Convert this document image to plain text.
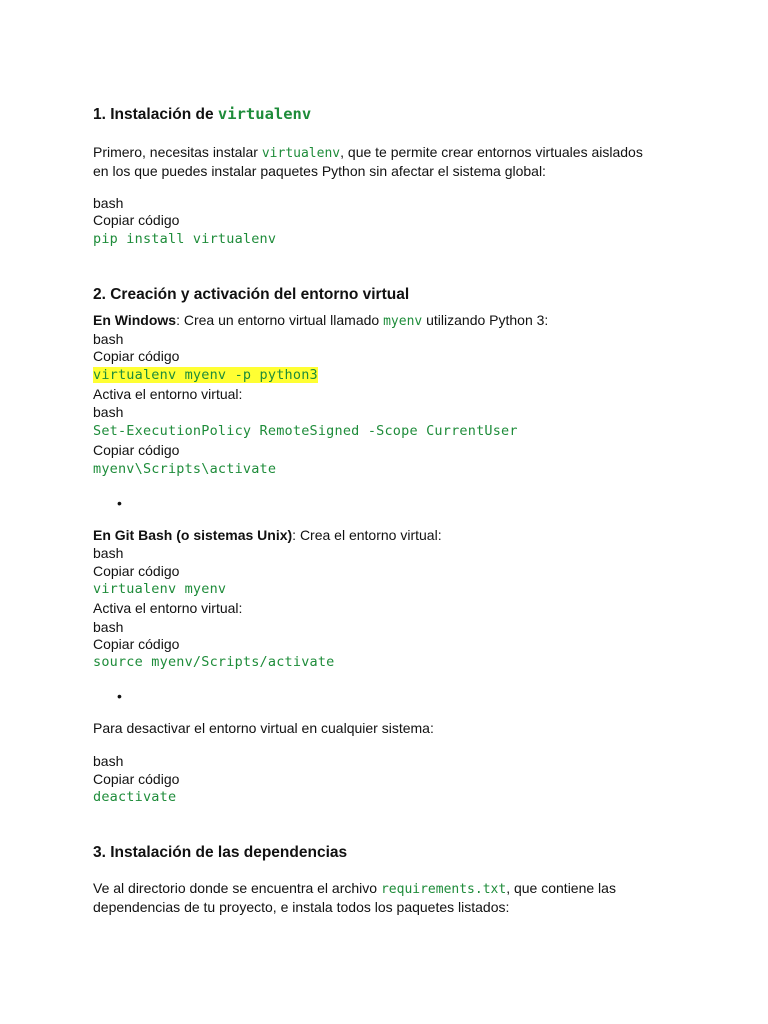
1. Instalación de virtualenv
Primero, necesitas instalar virtualenv, que te permite crear entornos virtuales aislados
en los que puedes instalar paquetes Python sin afectar el sistema global:
bash
Copiar código
pip install virtualenv
2. Creación y activación del entorno virtual
En Windows: Crea un entorno virtual llamado myenv utilizando Python 3:
bash
Copiar código
virtualenv myenv -p python3
Activa el entorno virtual:
bash
Set-ExecutionPolicy RemoteSigned -Scope CurrentUser
Copiar código
myenv\Scripts\activate
•
En Git Bash (o sistemas Unix): Crea el entorno virtual:
bash
Copiar código
virtualenv myenv
Activa el entorno virtual:
bash
Copiar código
source myenv/Scripts/activate
•
Para desactivar el entorno virtual en cualquier sistema:
bash
Copiar código
deactivate
3. Instalación de las dependencias
Ve al directorio donde se encuentra el archivo requirements.txt, que contiene las
dependencias de tu proyecto, e instala todos los paquetes listados:
